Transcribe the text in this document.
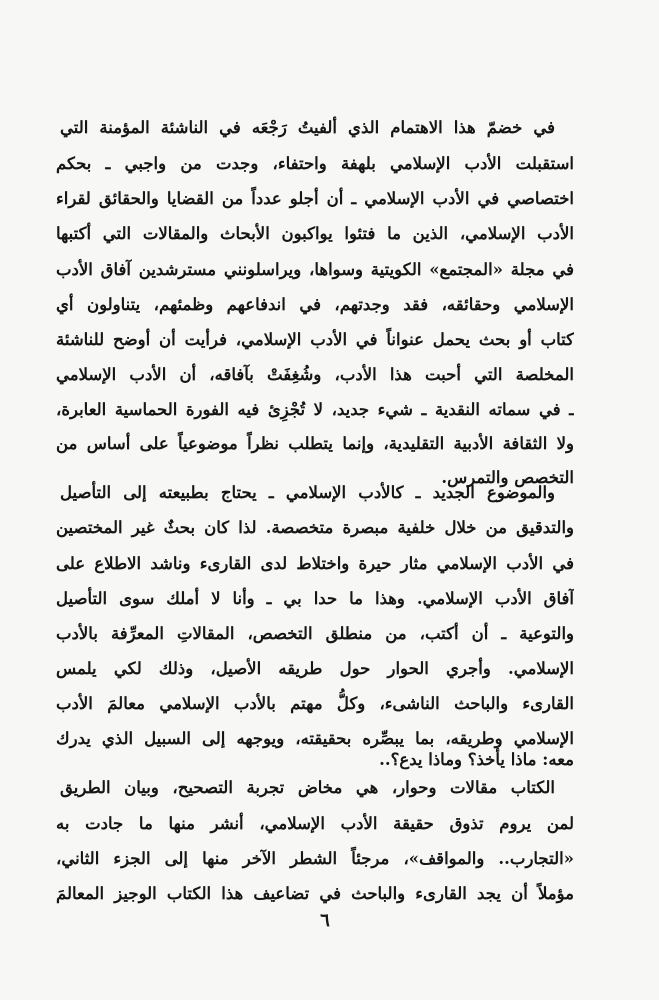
في خضمّ هذا الاهتمام الذي ألفيتُ رَجْعَه في الناشئة المؤمنة التي
استقبلت الأدب الإسلامي بلهفة واحتفاء، وجدت من واجبي ـ بحكم
اختصاصي في الأدب الإسلامي ـ أن أجلو عدداً من القضايا والحقائق لقراء
الأدب الإسلامي، الذين ما فتئوا يواكبون الأبحاث والمقالات التي أكتبها
في مجلة «المجتمع» الكويتية وسواها، ويراسلونني مسترشدين آفاق الأدب
الإسلامي وحقائقه، فقد وجدتهم، في اندفاعهم وظمئهم، يتناولون أي
كتاب أو بحث يحمل عنواناً في الأدب الإسلامي، فرأيت أن أوضح للناشئة
المخلصة التي أحبت هذا الأدب، وشُغِفَتْ بآفاقه، أن الأدب الإسلامي
ـ في سماته النقدية ـ شيء جديد، لا تُجْزِئ فيه الفورة الحماسية العابرة،
ولا الثقافة الأدبية التقليدية، وإنما يتطلب نظراً موضوعياً على أساس من
التخصص والتمرس.
والموضوع الجديد ـ كالأدب الإسلامي ـ يحتاج بطبيعته إلى التأصيل
والتدقيق من خلال خلفية مبصرة متخصصة. لذا كان بحثٌ غير المختصين
في الأدب الإسلامي مثار حيرة واختلاط لدى القارىء وناشد الاطلاع على
آفاق الأدب الإسلامي. وهذا ما حدا بي ـ وأنا لا أملك سوى التأصيل
والتوعية ـ أن أكتب، من منطلق التخصص، المقالاتِ المعرِّفة بالأدب
الإسلامي. وأجري الحوار حول طريقه الأصيل، وذلك لكي يلمس
القارىء والباحث الناشىء، وكلُّ مهتم بالأدب الإسلامي معالمَ الأدب
الإسلامي وطريقه، بما يبصِّره بحقيقته، ويوجهه إلى السبيل الذي يدرك
معه: ماذا يأخذ؟ وماذا يدع؟..
الكتاب مقالات وحوار، هي مخاض تجربة التصحيح، وبيان الطريق
لمن يروم تذوق حقيقة الأدب الإسلامي، أنشر منها ما جادت به
«التجارب.. والمواقف»، مرجئاً الشطر الآخر منها إلى الجزء الثاني،
مؤملاً أن يجد القارىء والباحث في تضاعيف هذا الكتاب الوجيز المعالمَ
٦
